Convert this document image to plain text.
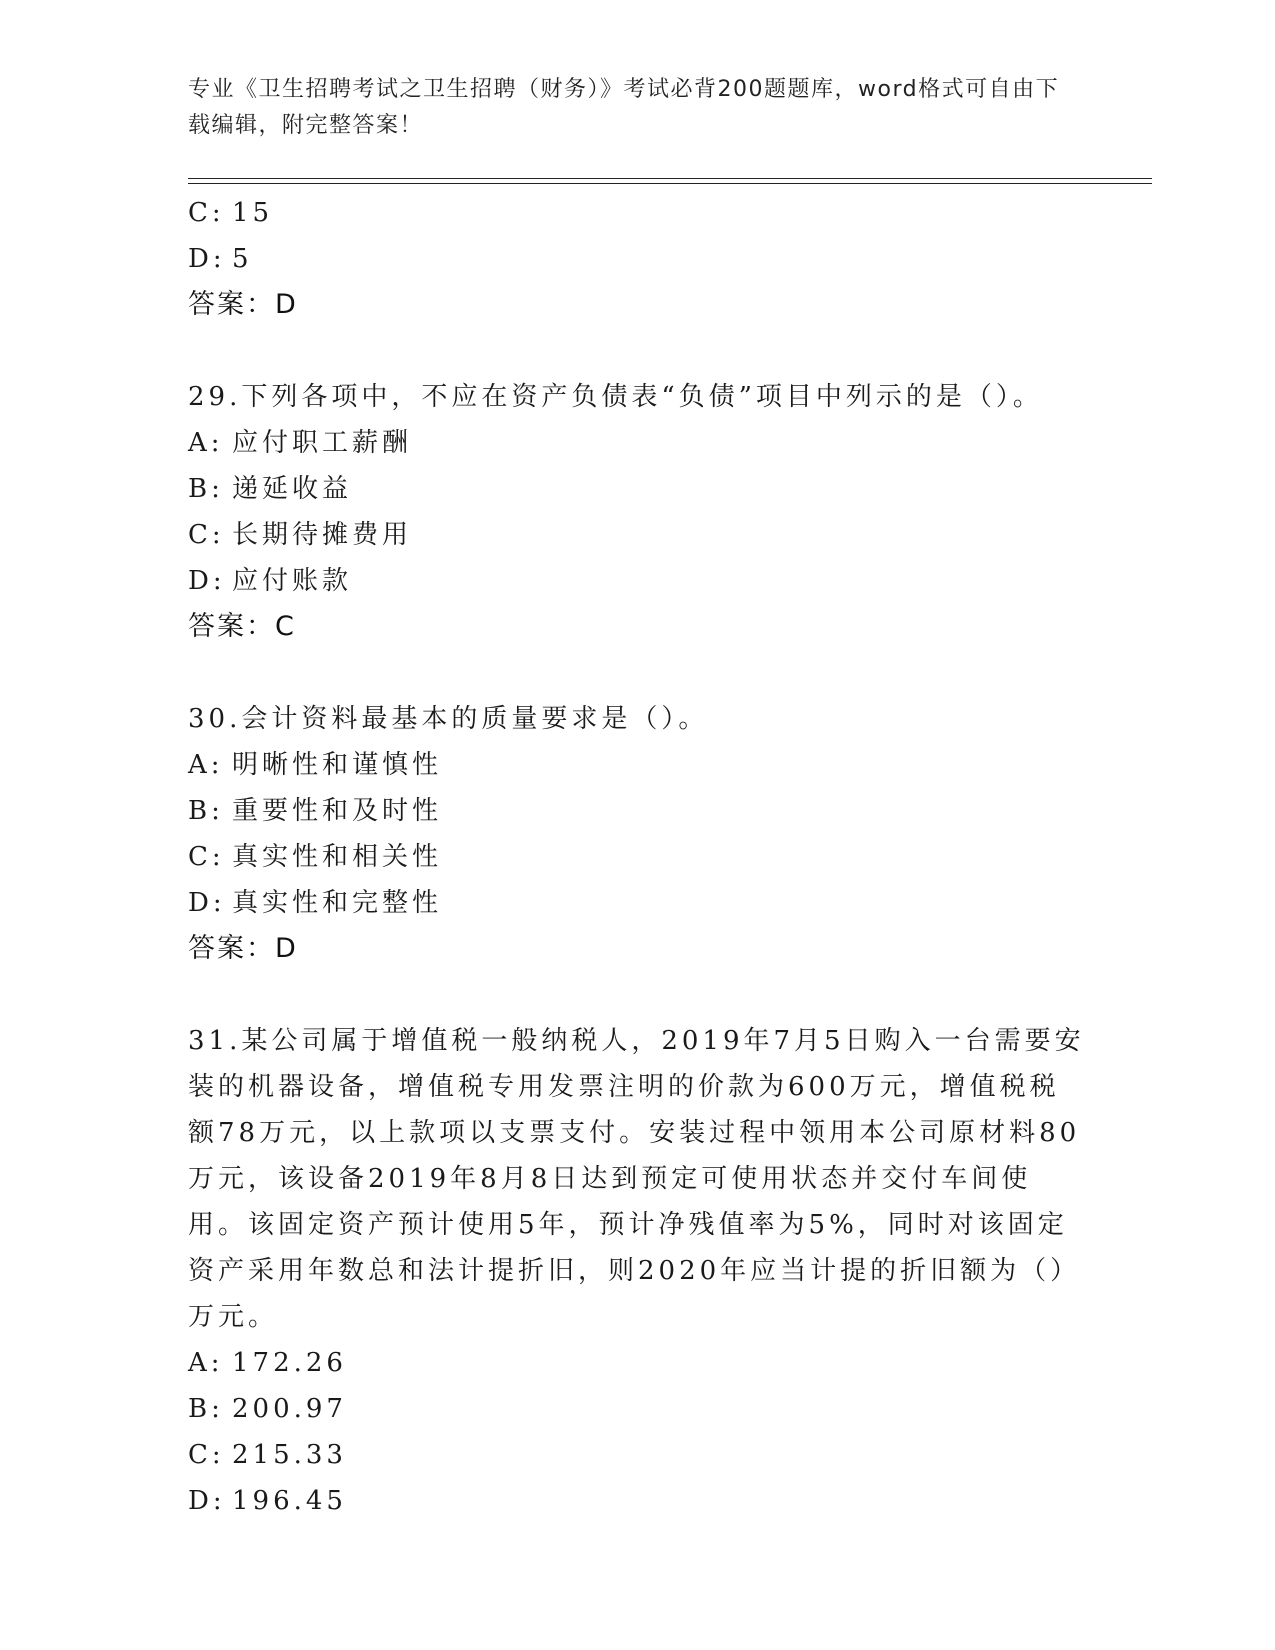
专业《卫生招聘考试之卫生招聘（财务）》考试必背200题题库，word格式可自由下载编辑，附完整答案！
C: 15
D: 5
答案：D
29.下列各项中，不应在资产负债表“负债”项目中列示的是（）。
A: 应付职工薪酬
B: 递延收益
C: 长期待摊费用
D: 应付账款
答案：C
30.会计资料最基本的质量要求是（）。
A: 明晰性和谨慎性
B: 重要性和及时性
C: 真实性和相关性
D: 真实性和完整性
答案：D
31.某公司属于增值税一般纳税人，2019年7月5日购入一台需要安装的机器设备，增值税专用发票注明的价款为600万元，增值税税额78万元，以上款项以支票支付。安装过程中领用本公司原材料80万元，该设备2019年8月8日达到预定可使用状态并交付车间使用。该固定资产预计使用5年，预计净残值率为5%，同时对该固定资产采用年数总和法计提折旧，则2020年应当计提的折旧额为（）万元。
A: 172.26
B: 200.97
C: 215.33
D: 196.45
